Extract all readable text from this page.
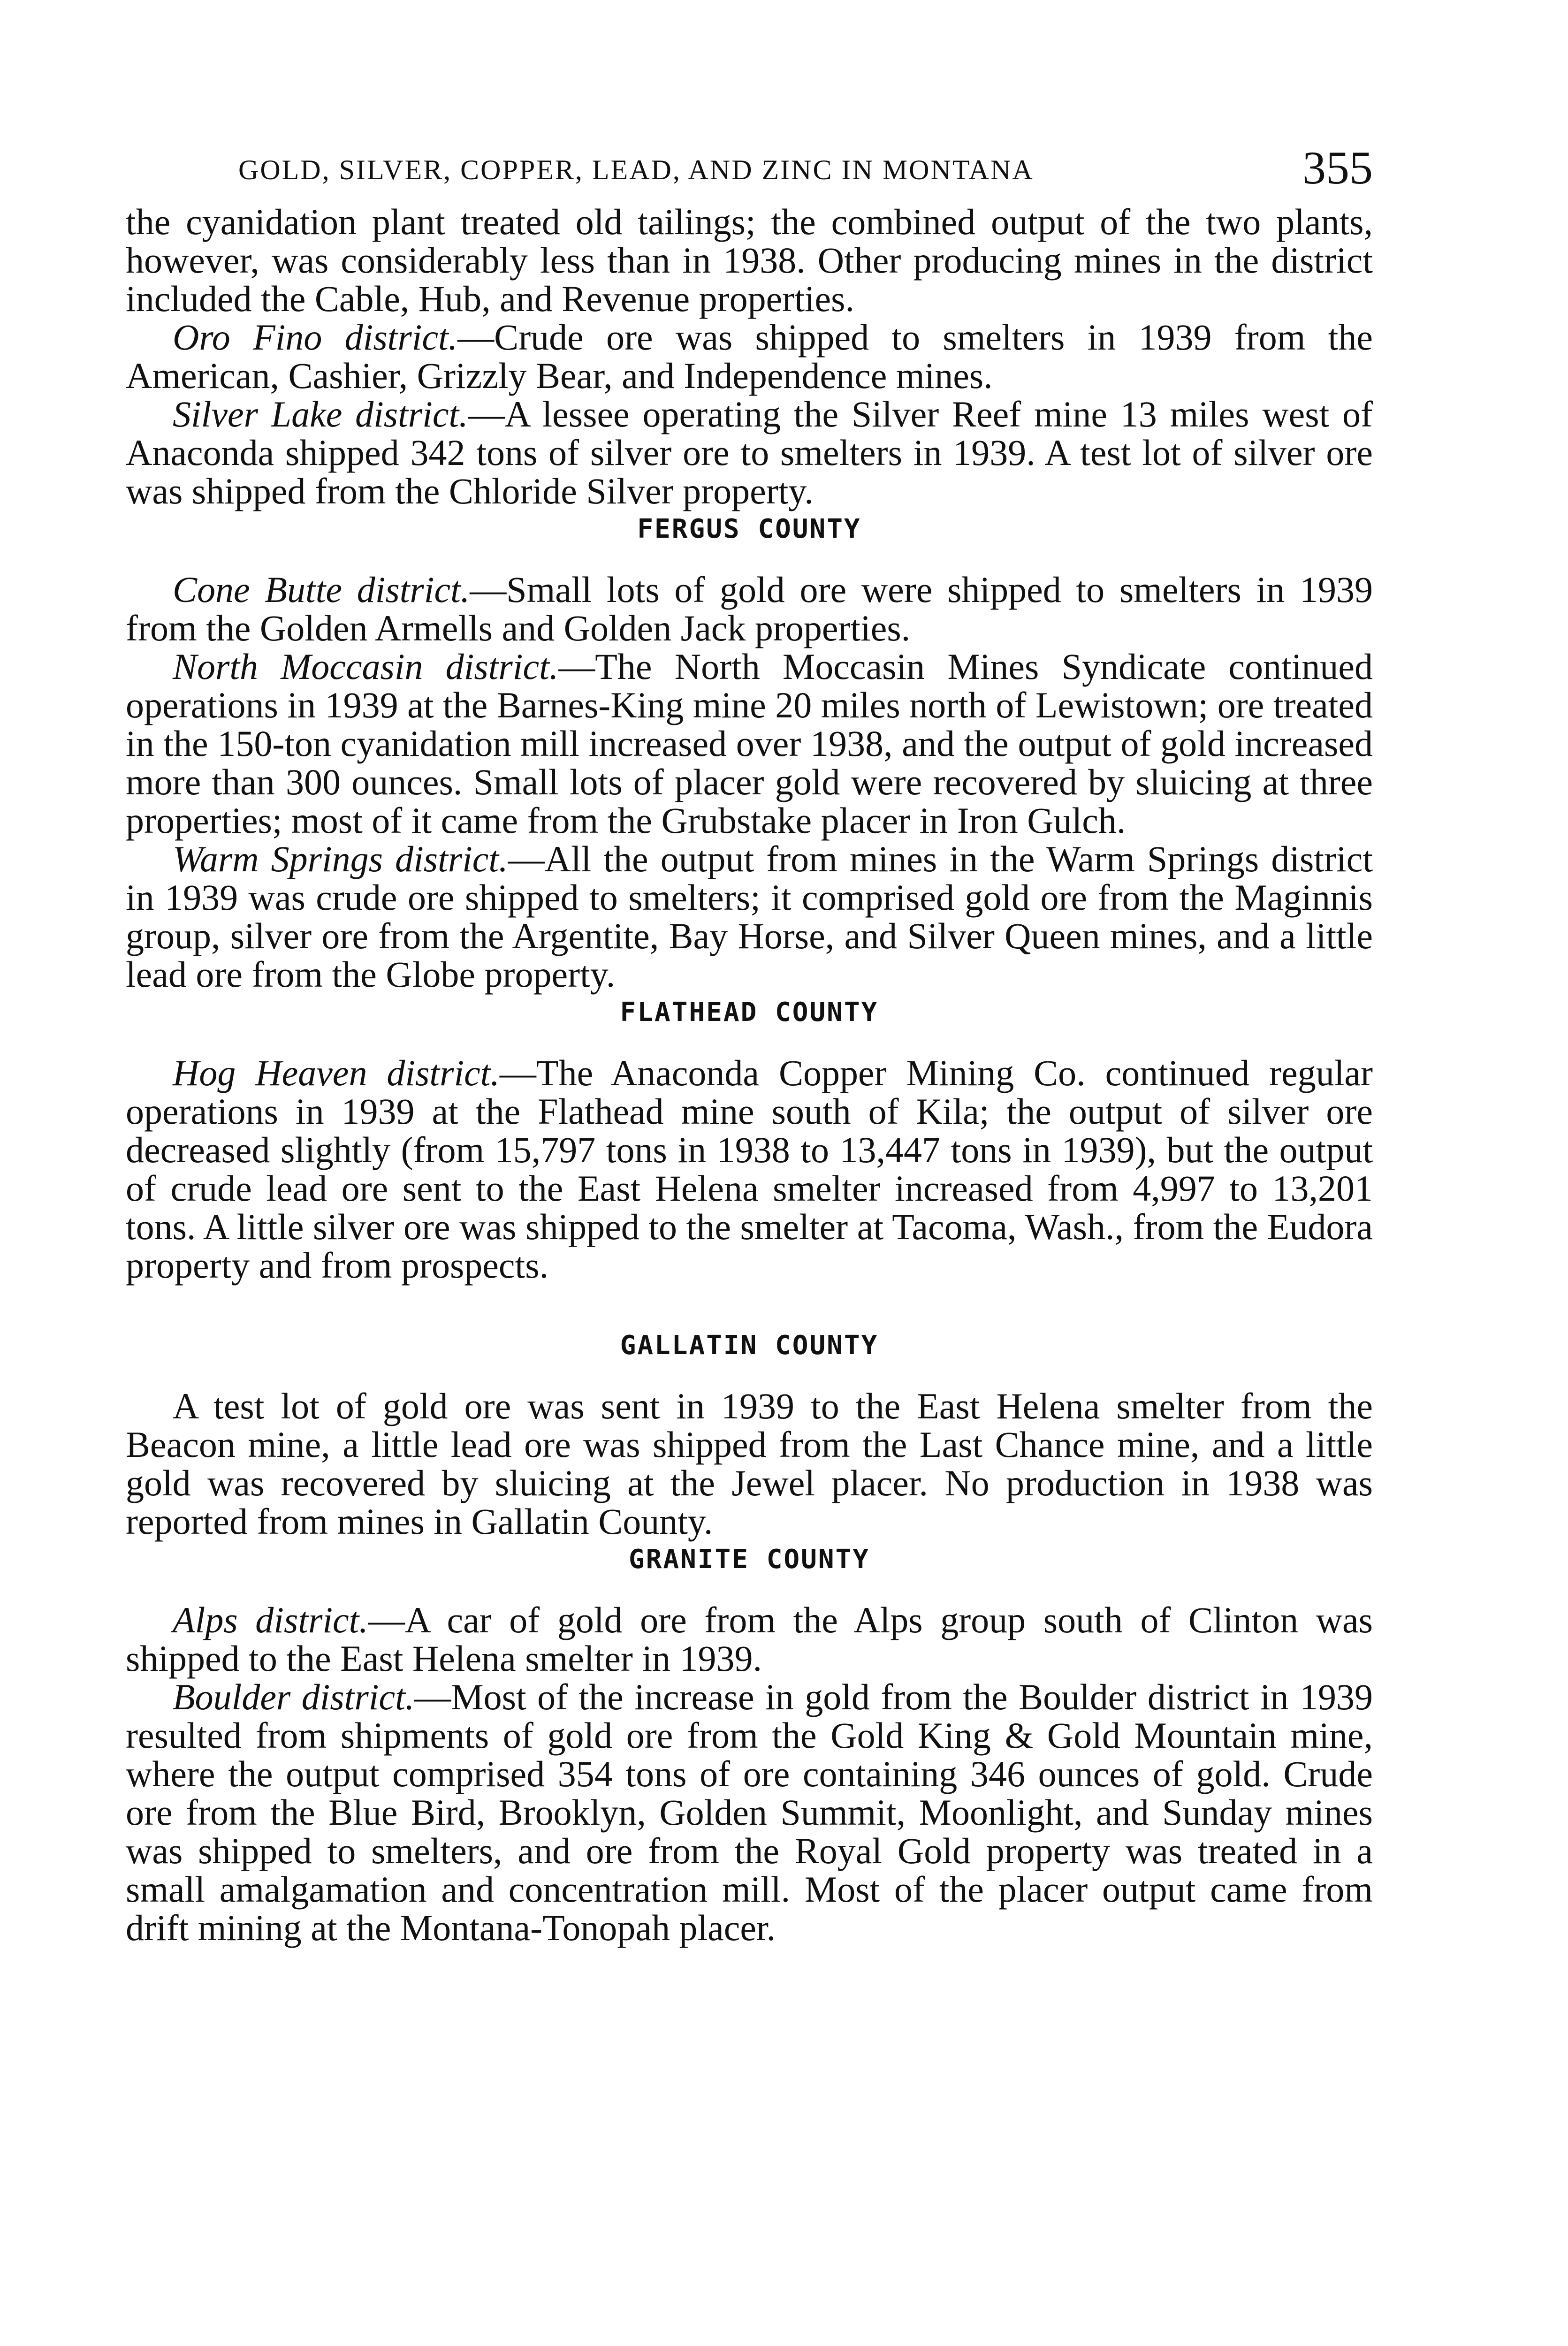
GOLD, SILVER, COPPER, LEAD, AND ZINC IN MONTANA	355

the cyanidation plant treated old tailings; the combined output of the two plants, however, was considerably less than in 1938. Other producing mines in the district included the Cable, Hub, and Revenue properties.

Oro Fino district.—Crude ore was shipped to smelters in 1939 from the American, Cashier, Grizzly Bear, and Independence mines.

Silver Lake district.—A lessee operating the Silver Reef mine 13 miles west of Anaconda shipped 342 tons of silver ore to smelters in 1939. A test lot of silver ore was shipped from the Chloride Silver property.

FERGUS COUNTY

Cone Butte district.—Small lots of gold ore were shipped to smelters in 1939 from the Golden Armells and Golden Jack properties.

North Moccasin district.—The North Moccasin Mines Syndicate continued operations in 1939 at the Barnes-King mine 20 miles north of Lewistown; ore treated in the 150-ton cyanidation mill increased over 1938, and the output of gold increased more than 300 ounces. Small lots of placer gold were recovered by sluicing at three properties; most of it came from the Grubstake placer in Iron Gulch.

Warm Springs district.—All the output from mines in the Warm Springs district in 1939 was crude ore shipped to smelters; it comprised gold ore from the Maginnis group, silver ore from the Argentite, Bay Horse, and Silver Queen mines, and a little lead ore from the Globe property.

FLATHEAD COUNTY

Hog Heaven district.—The Anaconda Copper Mining Co. continued regular operations in 1939 at the Flathead mine south of Kila; the output of silver ore decreased slightly (from 15,797 tons in 1938 to 13,447 tons in 1939), but the output of crude lead ore sent to the East Helena smelter increased from 4,997 to 13,201 tons. A little silver ore was shipped to the smelter at Tacoma, Wash., from the Eudora property and from prospects.

GALLATIN COUNTY

A test lot of gold ore was sent in 1939 to the East Helena smelter from the Beacon mine, a little lead ore was shipped from the Last Chance mine, and a little gold was recovered by sluicing at the Jewel placer. No production in 1938 was reported from mines in Gallatin County.

GRANITE COUNTY

Alps district.—A car of gold ore from the Alps group south of Clinton was shipped to the East Helena smelter in 1939.

Boulder district.—Most of the increase in gold from the Boulder district in 1939 resulted from shipments of gold ore from the Gold King & Gold Mountain mine, where the output comprised 354 tons of ore containing 346 ounces of gold. Crude ore from the Blue Bird, Brooklyn, Golden Summit, Moonlight, and Sunday mines was shipped to smelters, and ore from the Royal Gold property was treated in a small amalgamation and concentration mill. Most of the placer output came from drift mining at the Montana-Tonopah placer.
